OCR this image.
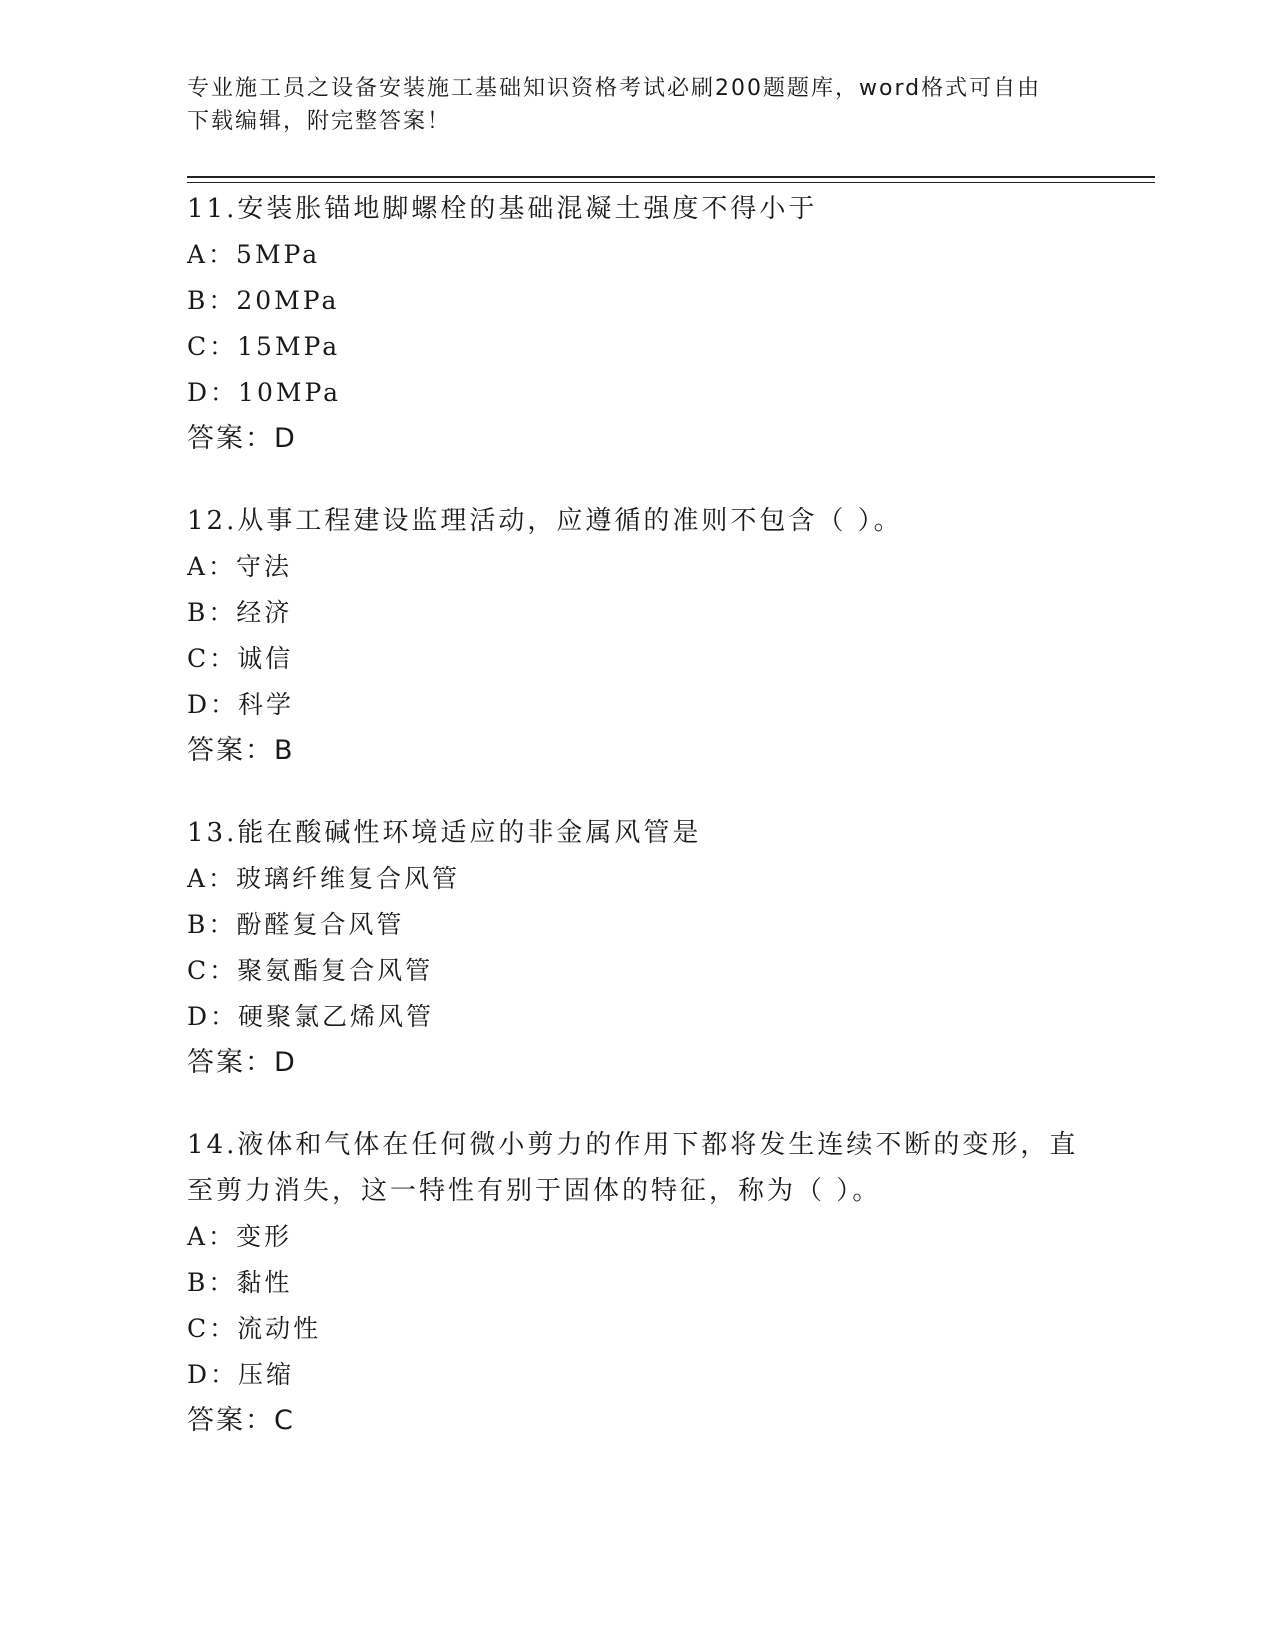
专业施工员之设备安装施工基础知识资格考试必刷200题题库，word格式可自由
下载编辑，附完整答案！

11.安装胀锚地脚螺栓的基础混凝土强度不得小于

A：5MPa

B：20MPa

C：15MPa

D：10MPa

答案：D

12.从事工程建设监理活动，应遵循的准则不包含（ ）。

A：守法

B：经济

C：诚信

D：科学

答案：B

13.能在酸碱性环境适应的非金属风管是

A：玻璃纤维复合风管

B：酚醛复合风管

C：聚氨酯复合风管

D：硬聚氯乙烯风管

答案：D

14.液体和气体在任何微小剪力的作用下都将发生连续不断的变形，直

至剪力消失，这一特性有别于固体的特征，称为（ ）。

A：变形

B：黏性

C：流动性

D：压缩

答案：C
